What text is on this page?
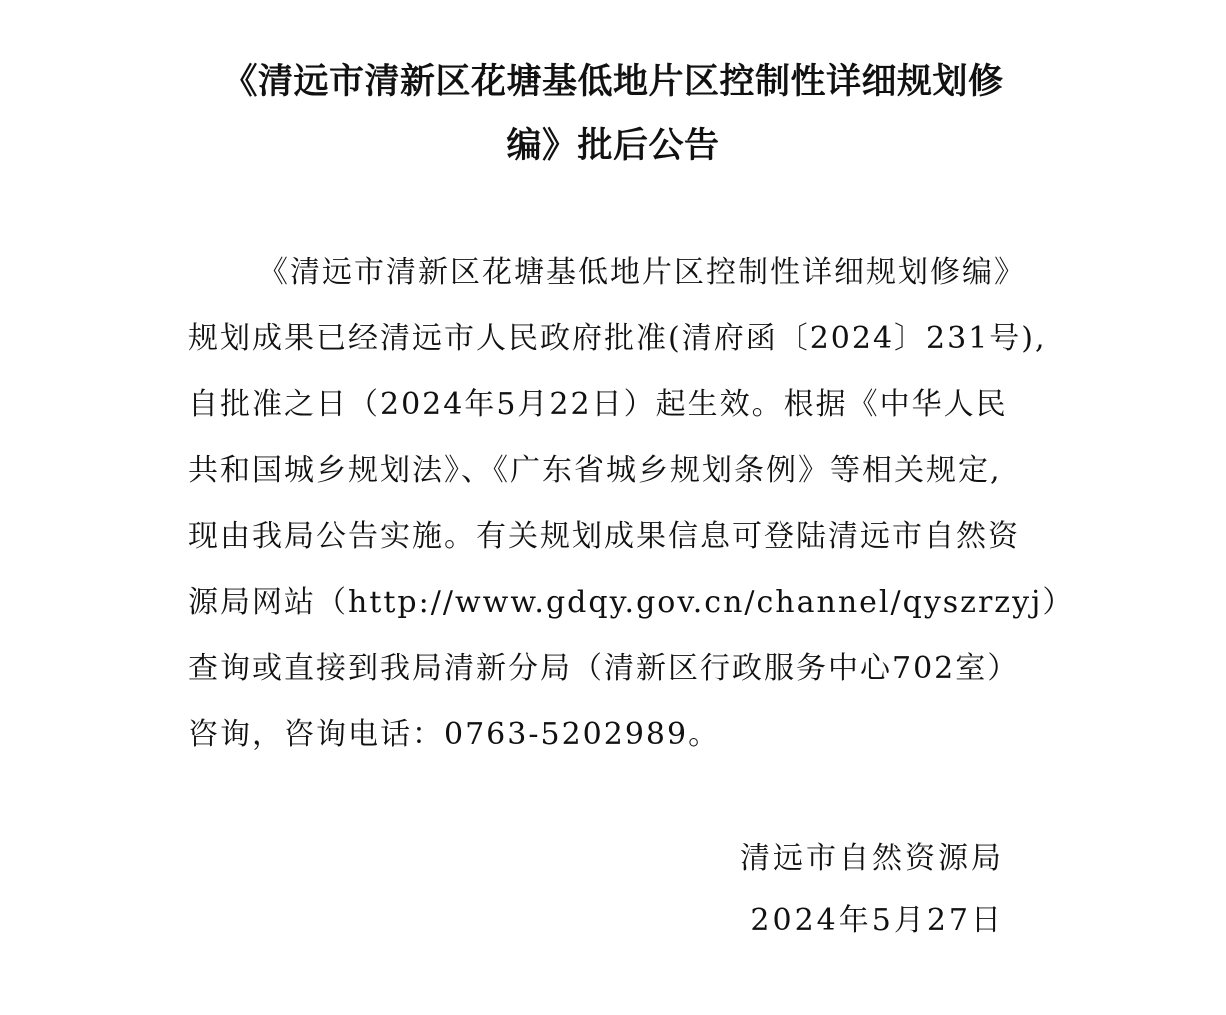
《清远市清新区花塘基低地片区控制性详细规划修
编》批后公告
《清远市清新区花塘基低地片区控制性详细规划修编》
规划成果已经清远市人民政府批准(清府函〔2024〕231号),
自批准之日（2024年5月22日）起生效。根据《中华人民
共和国城乡规划法》、《广东省城乡规划条例》等相关规定,
现由我局公告实施。有关规划成果信息可登陆清远市自然资
源局网站（http://www.gdqy.gov.cn/channel/qyszrzyj）
查询或直接到我局清新分局（清新区行政服务中心702室）
咨询，咨询电话：0763-5202989。
清远市自然资源局
2024年5月27日
